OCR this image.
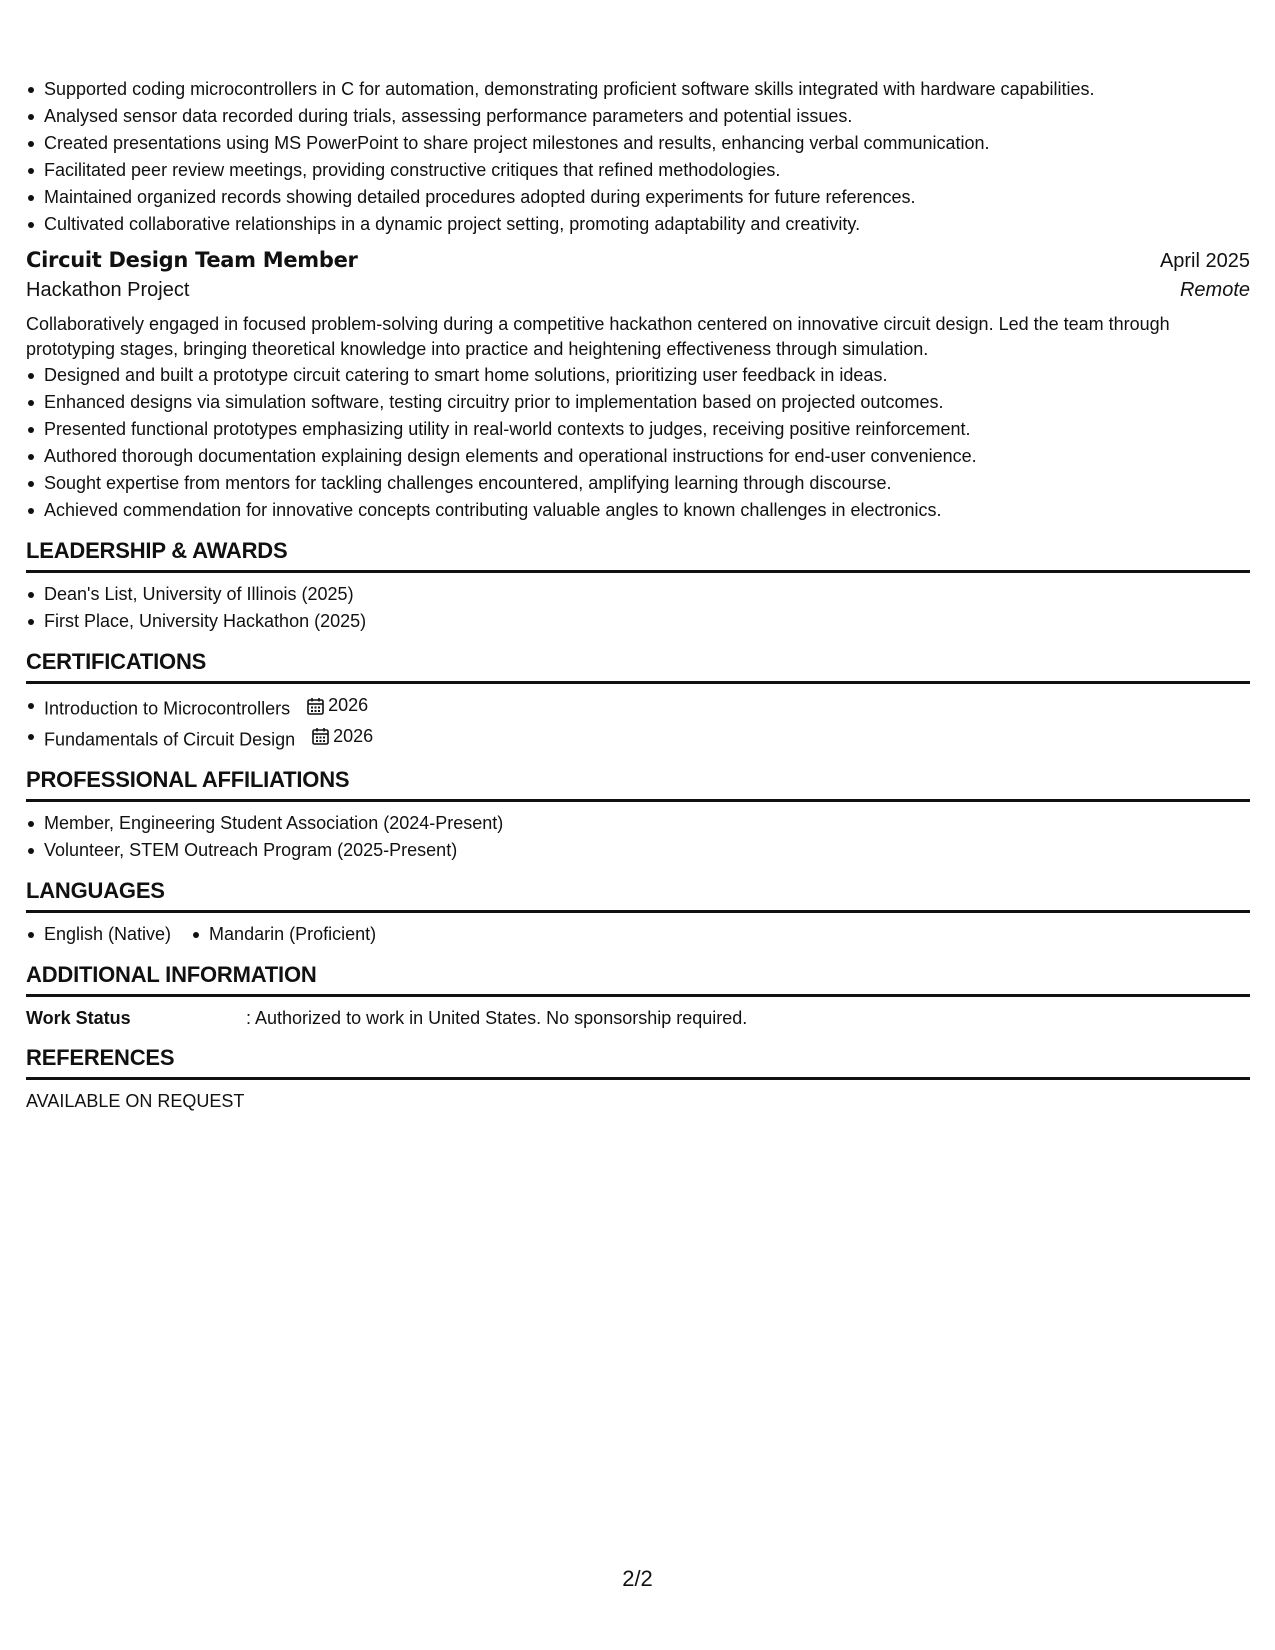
Supported coding microcontrollers in C for automation, demonstrating proficient software skills integrated with hardware capabilities.
Analysed sensor data recorded during trials, assessing performance parameters and potential issues.
Created presentations using MS PowerPoint to share project milestones and results, enhancing verbal communication.
Facilitated peer review meetings, providing constructive critiques that refined methodologies.
Maintained organized records showing detailed procedures adopted during experiments for future references.
Cultivated collaborative relationships in a dynamic project setting, promoting adaptability and creativity.
Circuit Design Team Member	April 2025
Hackathon Project	Remote
Collaboratively engaged in focused problem-solving during a competitive hackathon centered on innovative circuit design. Led the team through prototyping stages, bringing theoretical knowledge into practice and heightening effectiveness through simulation.
Designed and built a prototype circuit catering to smart home solutions, prioritizing user feedback in ideas.
Enhanced designs via simulation software, testing circuitry prior to implementation based on projected outcomes.
Presented functional prototypes emphasizing utility in real-world contexts to judges, receiving positive reinforcement.
Authored thorough documentation explaining design elements and operational instructions for end-user convenience.
Sought expertise from mentors for tackling challenges encountered, amplifying learning through discourse.
Achieved commendation for innovative concepts contributing valuable angles to known challenges in electronics.
LEADERSHIP & AWARDS
Dean's List, University of Illinois (2025)
First Place, University Hackathon (2025)
CERTIFICATIONS
Introduction to Microcontrollers 2026
Fundamentals of Circuit Design 2026
PROFESSIONAL AFFILIATIONS
Member, Engineering Student Association (2024-Present)
Volunteer, STEM Outreach Program (2025-Present)
LANGUAGES
English (Native) Mandarin (Proficient)
ADDITIONAL INFORMATION
Work Status	: Authorized to work in United States. No sponsorship required.
REFERENCES
AVAILABLE ON REQUEST
2/2
